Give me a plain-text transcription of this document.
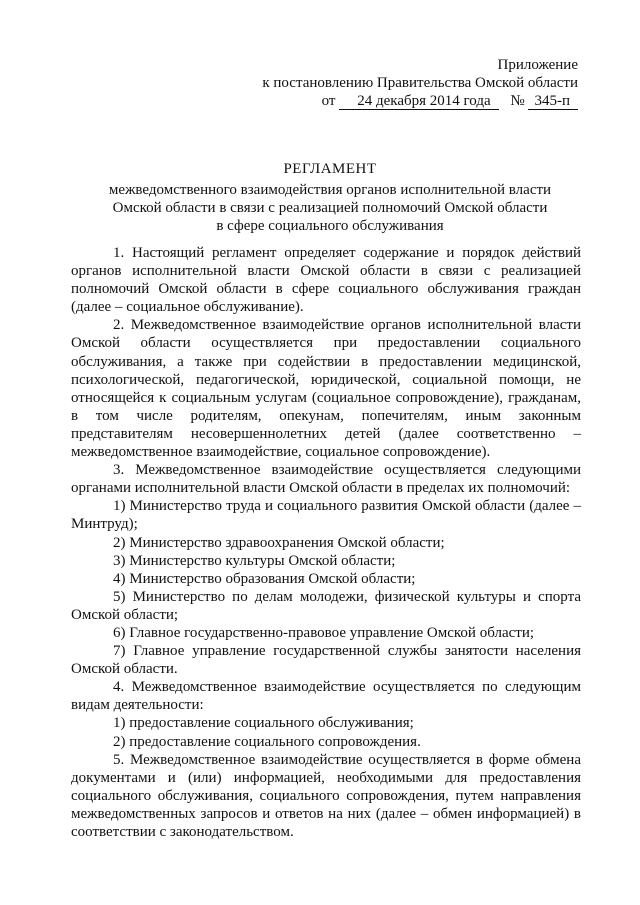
Приложение
к постановлению Правительства Омской области
от 24 декабря 2014 года № 345-п
РЕГЛАМЕНТ
межведомственного взаимодействия органов исполнительной власти
Омской области в связи с реализацией полномочий Омской области
в сфере социального обслуживания

1. Настоящий регламент определяет содержание и порядок действий органов исполнительной власти Омской области в связи с реализацией полномочий Омской области в сфере социального обслуживания граждан (далее – социальное обслуживание).

2. Межведомственное взаимодействие органов исполнительной власти Омской области осуществляется при предоставлении социального обслуживания, а также при содействии в предоставлении медицинской, психологической, педагогической, юридической, социальной помощи, не относящейся к социальным услугам (социальное сопровождение), гражданам, в том числе родителям, опекунам, попечителям, иным законным представителям несовершеннолетних детей (далее соответственно – межведомственное взаимодействие, социальное сопровождение).

3. Межведомственное взаимодействие осуществляется следующими органами исполнительной власти Омской области в пределах их полномочий:

1) Министерство труда и социального развития Омской области (далее – Минтруд);

2) Министерство здравоохранения Омской области;

3) Министерство культуры Омской области;

4) Министерство образования Омской области;

5) Министерство по делам молодежи, физической культуры и спорта Омской области;

6) Главное государственно-правовое управление Омской области;

7) Главное управление государственной службы занятости населения Омской области.

4. Межведомственное взаимодействие осуществляется по следующим видам деятельности:

1) предоставление социального обслуживания;

2) предоставление социального сопровождения.

5. Межведомственное взаимодействие осуществляется в форме обмена документами и (или) информацией, необходимыми для предоставления социального обслуживания, социального сопровождения, путем направления межведомственных запросов и ответов на них (далее – обмен информацией) в соответствии с законодательством.
